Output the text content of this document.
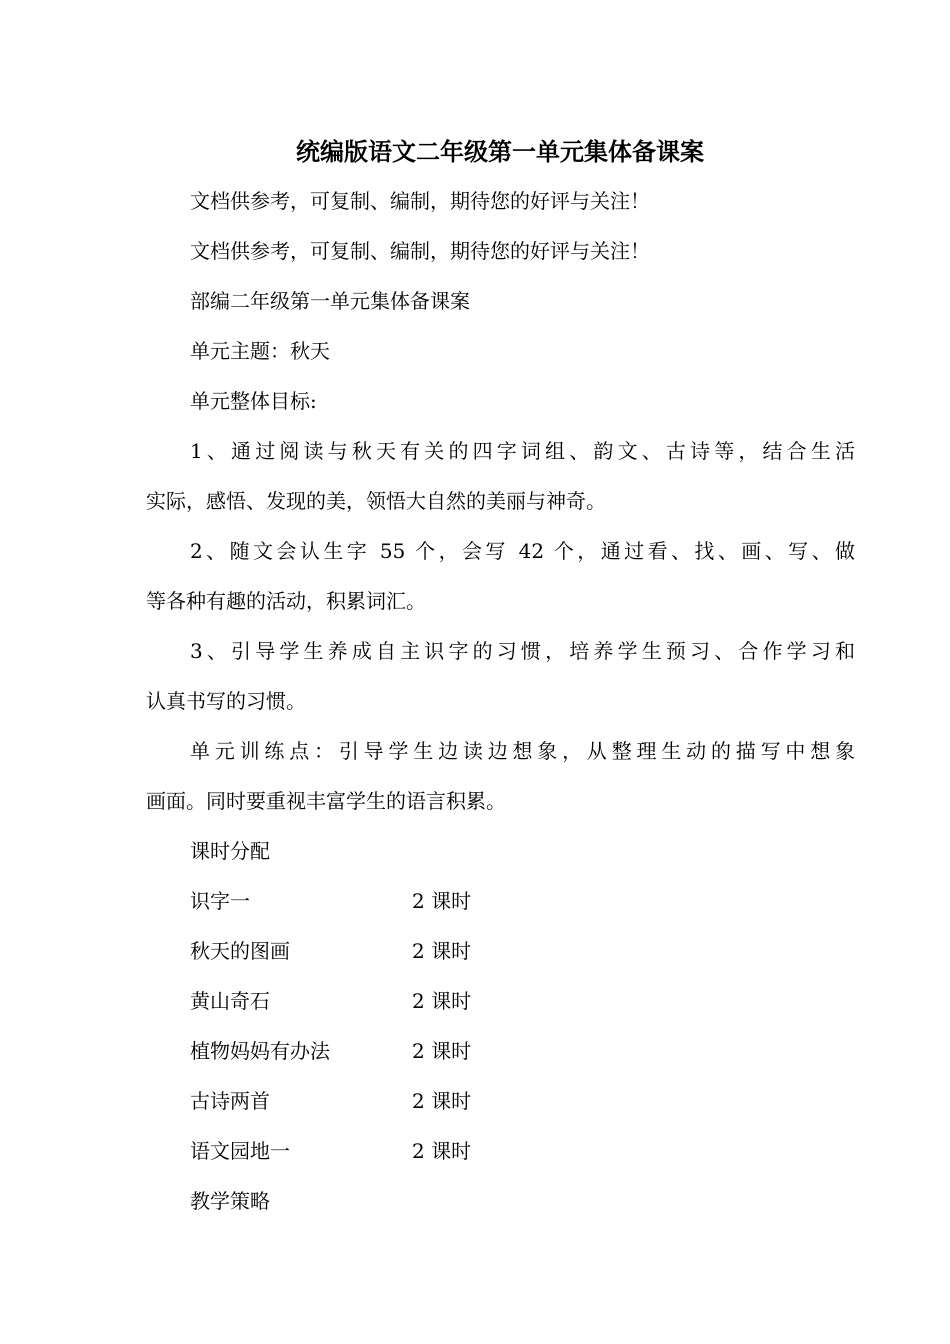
统编版语文二年级第一单元集体备课案
文档供参考，可复制、编制，期待您的好评与关注！
文档供参考，可复制、编制，期待您的好评与关注！
部编二年级第一单元集体备课案
单元主题：秋天
单元整体目标:
1、通过阅读与秋天有关的四字词组、韵文、古诗等，结合生活
实际，感悟、发现的美，领悟大自然的美丽与神奇。
2、随文会认生字 55 个，会写 42 个，通过看、找、画、写、做
等各种有趣的活动，积累词汇。
3、引导学生养成自主识字的习惯，培养学生预习、合作学习和
认真书写的习惯。
单元训练点：引导学生边读边想象，从整理生动的描写中想象
画面。同时要重视丰富学生的语言积累。
课时分配
识字一	2 课时
秋天的图画	2 课时
黄山奇石	2 课时
植物妈妈有办法	2 课时
古诗两首	2 课时
语文园地一	2 课时
教学策略
